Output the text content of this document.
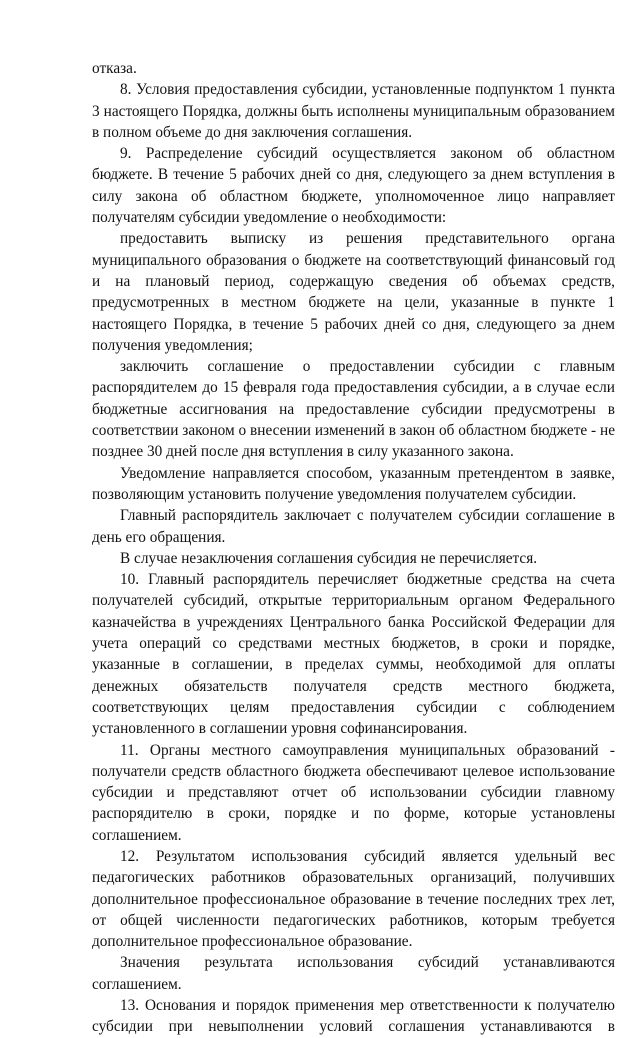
отказа.

8. Условия предоставления субсидии, установленные подпунктом 1 пункта 3 настоящего Порядка, должны быть исполнены муниципальным образованием в полном объеме до дня заключения соглашения.

9. Распределение субсидий осуществляется законом об областном бюджете. В течение 5 рабочих дней со дня, следующего за днем вступления в силу закона об областном бюджете, уполномоченное лицо направляет получателям субсидии уведомление о необходимости:

предоставить выписку из решения представительного органа муниципального образования о бюджете на соответствующий финансовый год и на плановый период, содержащую сведения об объемах средств, предусмотренных в местном бюджете на цели, указанные в пункте 1 настоящего Порядка, в течение 5 рабочих дней со дня, следующего за днем получения уведомления;

заключить соглашение о предоставлении субсидии с главным распорядителем до 15 февраля года предоставления субсидии, а в случае если бюджетные ассигнования на предоставление субсидии предусмотрены в соответствии законом о внесении изменений в закон об областном бюджете - не позднее 30 дней после дня вступления в силу указанного закона.

Уведомление направляется способом, указанным претендентом в заявке, позволяющим установить получение уведомления получателем субсидии.

Главный распорядитель заключает с получателем субсидии соглашение в день его обращения.

В случае незаключения соглашения субсидия не перечисляется.

10. Главный распорядитель перечисляет бюджетные средства на счета получателей субсидий, открытые территориальным органом Федерального казначейства в учреждениях Центрального банка Российской Федерации для учета операций со средствами местных бюджетов, в сроки и порядке, указанные в соглашении, в пределах суммы, необходимой для оплаты денежных обязательств получателя средств местного бюджета, соответствующих целям предоставления субсидии с соблюдением установленного в соглашении уровня софинансирования.

11. Органы местного самоуправления муниципальных образований - получатели средств областного бюджета обеспечивают целевое использование субсидии и представляют отчет об использовании субсидии главному распорядителю в сроки, порядке и по форме, которые установлены соглашением.

12. Результатом использования субсидий является удельный вес педагогических работников образовательных организаций, получивших дополнительное профессиональное образование в течение последних трех лет, от общей численности педагогических работников, которым требуется дополнительное профессиональное образование.

Значения результата использования субсидий устанавливаются соглашением.

13. Основания и порядок применения мер ответственности к получателю субсидии при невыполнении условий соглашения устанавливаются в
